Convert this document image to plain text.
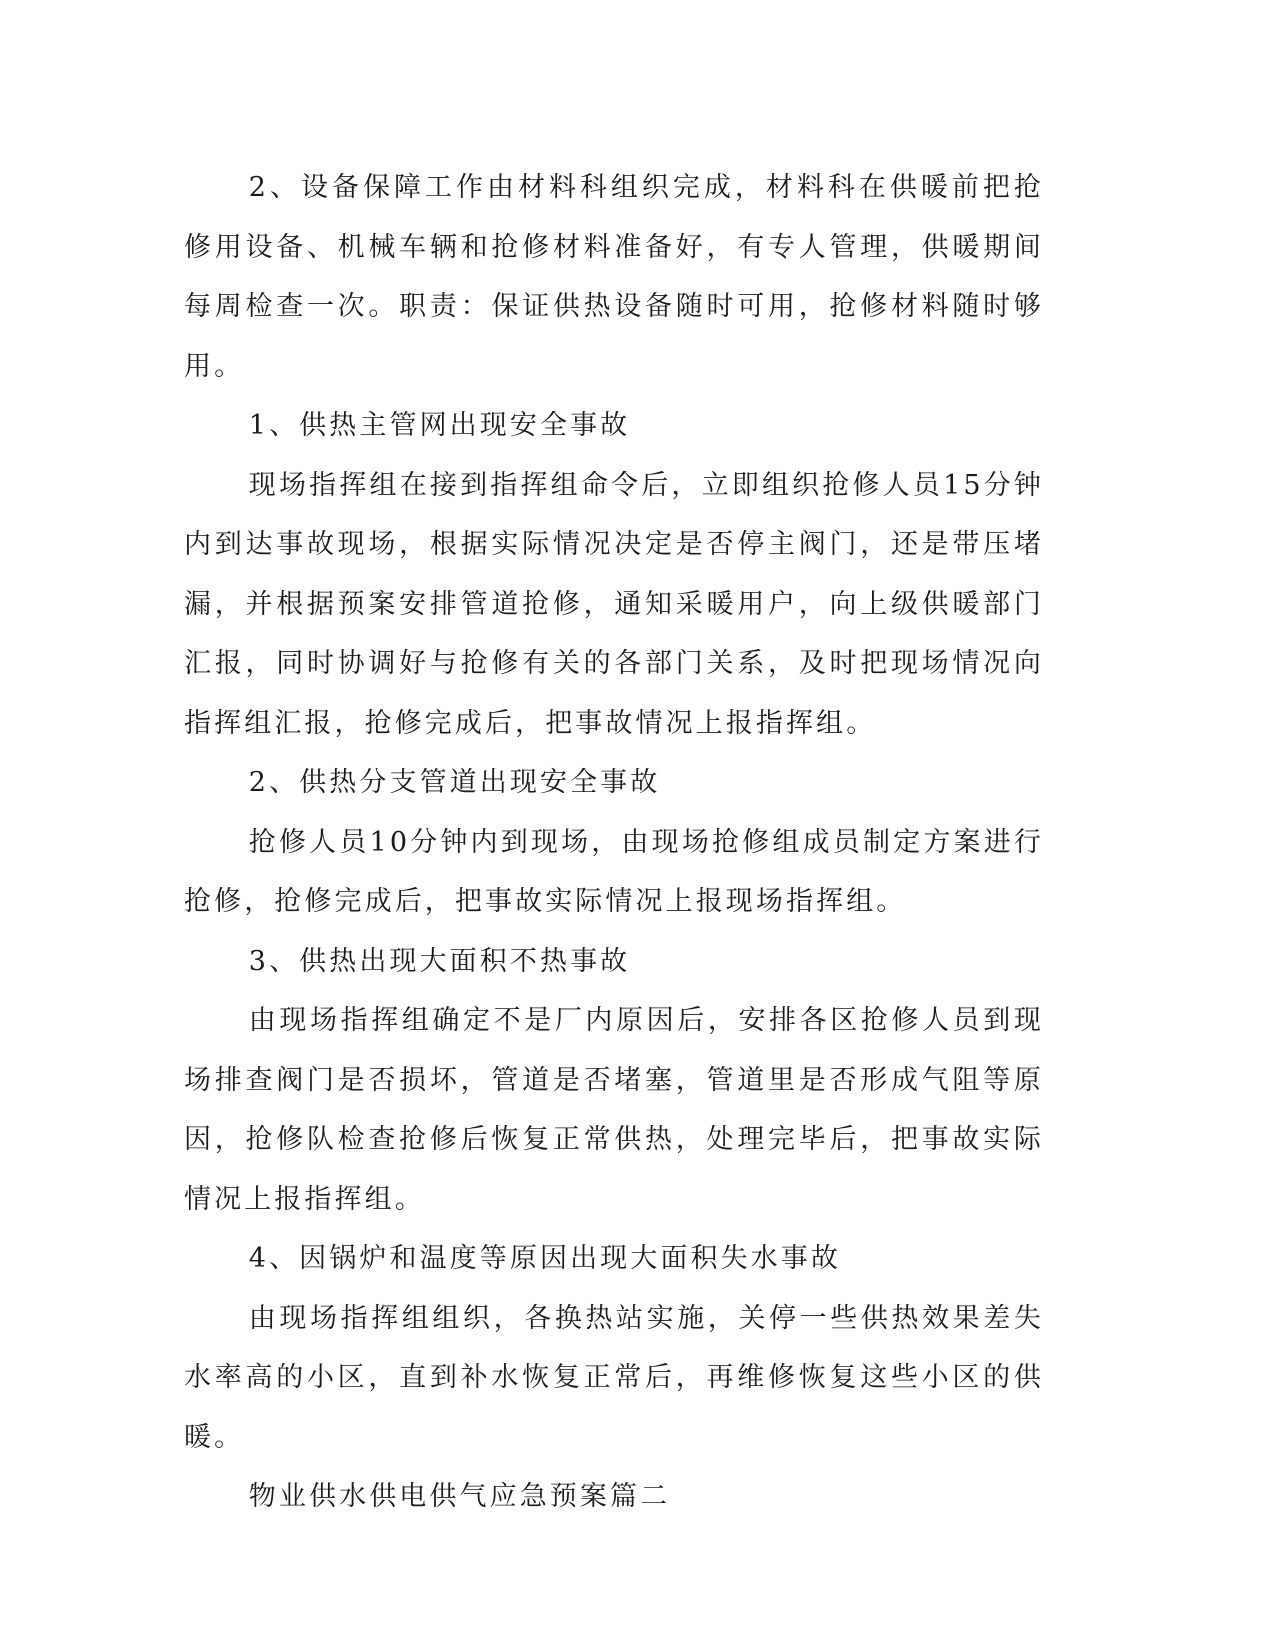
2、设备保障工作由材料科组织完成，材料科在供暖前把抢修用设备、机械车辆和抢修材料准备好，有专人管理，供暖期间每周检查一次。职责：保证供热设备随时可用，抢修材料随时够用。

1、供热主管网出现安全事故

现场指挥组在接到指挥组命令后，立即组织抢修人员15分钟内到达事故现场，根据实际情况决定是否停主阀门，还是带压堵漏，并根据预案安排管道抢修，通知采暖用户，向上级供暖部门汇报，同时协调好与抢修有关的各部门关系，及时把现场情况向指挥组汇报，抢修完成后，把事故情况上报指挥组。

2、供热分支管道出现安全事故

抢修人员10分钟内到现场，由现场抢修组成员制定方案进行抢修，抢修完成后，把事故实际情况上报现场指挥组。

3、供热出现大面积不热事故

由现场指挥组确定不是厂内原因后，安排各区抢修人员到现场排查阀门是否损坏，管道是否堵塞，管道里是否形成气阻等原因，抢修队检查抢修后恢复正常供热，处理完毕后，把事故实际情况上报指挥组。

4、因锅炉和温度等原因出现大面积失水事故

由现场指挥组组织，各换热站实施，关停一些供热效果差失水率高的小区，直到补水恢复正常后，再维修恢复这些小区的供暖。

物业供水供电供气应急预案篇二
